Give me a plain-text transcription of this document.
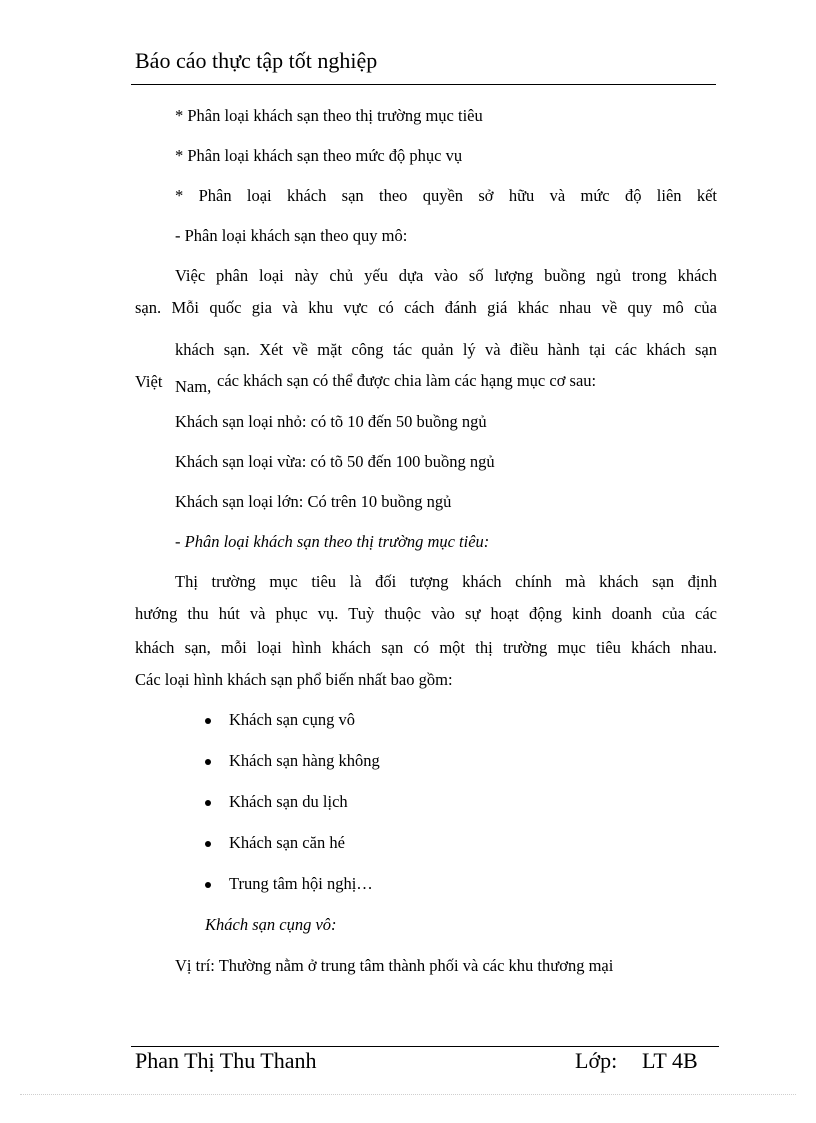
Báo cáo thực tập tốt nghiệp
* Phân loại khách sạn theo thị trường mục tiêu
* Phân loại khách sạn theo mức độ phục vụ
* Phân loại khách sạn theo quyền sở hữu và mức độ liên kết
- Phân loại khách sạn theo quy mô:
Việc phân loại này chủ yếu dựa vào số lượng buồng ngủ trong khách
sạn. Mỗi quốc gia và khu vực có cách đánh giá khác nhau về quy mô của
khách sạn. Xét về mặt công tác quản lý và điều hành tại các khách sạn
Việt Nam, các khách sạn có thể được chia làm các hạng mục cơ sau:
Khách sạn loại nhỏ: có tõ 10 đến 50 buồng ngủ
Khách sạn loại vừa: có tõ 50 đến 100 buồng ngủ
Khách sạn loại lớn: Có trên 10 buồng ngủ
- Phân loại khách sạn theo thị trường mục tiêu:
Thị trường mục tiêu là đối tượng khách chính mà khách sạn định
hướng thu hút và phục vụ. Tuỳ thuộc vào sự hoạt động kinh doanh của các
khách sạn, mỗi loại hình khách sạn có một thị trường mục tiêu khách nhau.
Các loại hình khách sạn phổ biến nhất bao gồm:
Khách sạn cụng vô
Khách sạn hàng không
Khách sạn du lịch
Khách sạn căn hé
Trung tâm hội nghị…
Khách sạn cụng vô:
Vị trí: Thường nằm ở trung tâm thành phối và các khu thương mại
Phan Thị Thu Thanh	Lớp: LT 4B
